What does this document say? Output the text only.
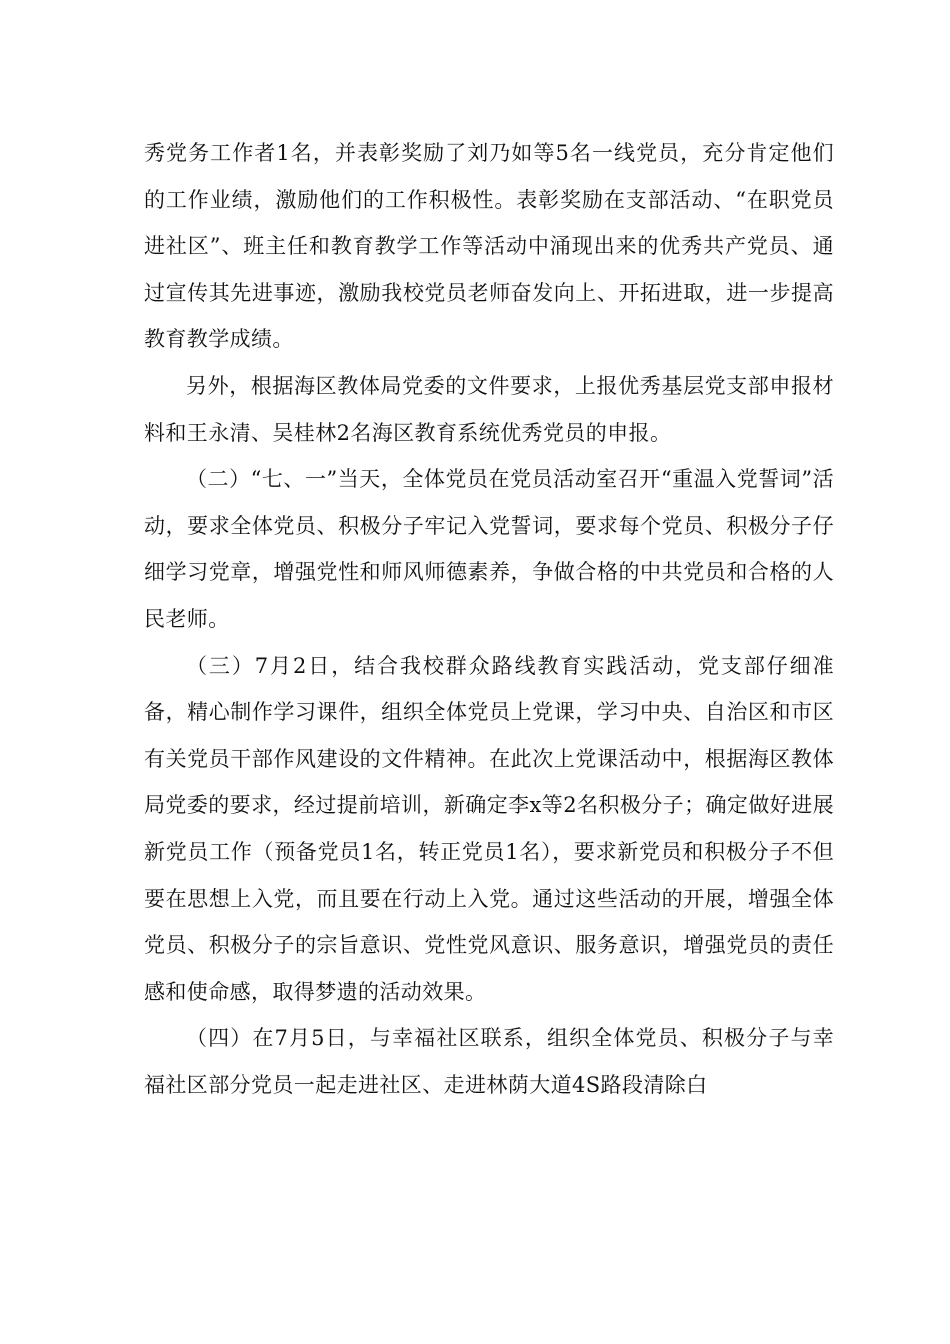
秀党务工作者1名，并表彰奖励了刘乃如等5名一线党员，充分肯定他们的工作业绩，激励他们的工作积极性。表彰奖励在支部活动、“在职党员进社区”、班主任和教育教学工作等活动中涌现出来的优秀共产党员、通过宣传其先进事迹，激励我校党员老师奋发向上、开拓进取，进一步提高教育教学成绩。

另外，根据海区教体局党委的文件要求，上报优秀基层党支部申报材料和王永清、吴桂林2名海区教育系统优秀党员的申报。

（二）“七、一”当天，全体党员在党员活动室召开“重温入党誓词”活动，要求全体党员、积极分子牢记入党誓词，要求每个党员、积极分子仔细学习党章，增强党性和师风师德素养，争做合格的中共党员和合格的人民老师。

（三）7月2日，结合我校群众路线教育实践活动，党支部仔细准备，精心制作学习课件，组织全体党员上党课，学习中央、自治区和市区有关党员干部作风建设的文件精神。在此次上党课活动中，根据海区教体局党委的要求，经过提前培训，新确定李x等2名积极分子；确定做好进展新党员工作（预备党员1名，转正党员1名），要求新党员和积极分子不但要在思想上入党，而且要在行动上入党。通过这些活动的开展，增强全体党员、积极分子的宗旨意识、党性党风意识、服务意识，增强党员的责任感和使命感，取得梦遗的活动效果。

（四）在7月5日，与幸福社区联系，组织全体党员、积极分子与幸福社区部分党员一起走进社区、走进林荫大道4S路段清除白
